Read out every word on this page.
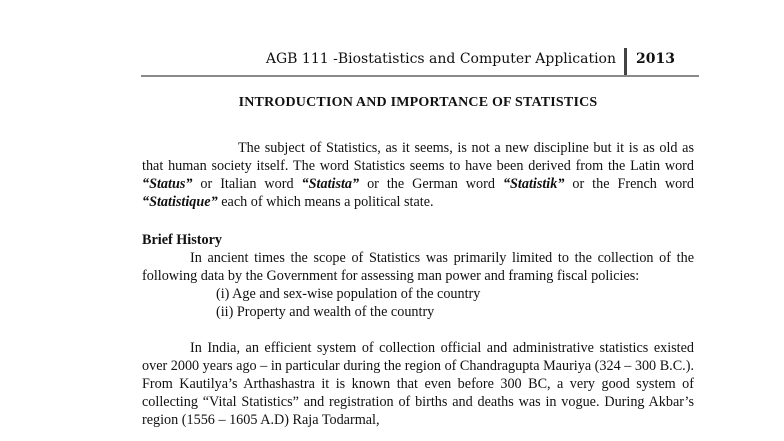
AGB 111 -Biostatistics and Computer Application 2013
INTRODUCTION AND IMPORTANCE OF STATISTICS

The subject of Statistics, as it seems, is not a new discipline but it is as old as that human society itself. The word Statistics seems to have been derived from the Latin word “Status” or Italian word “Statista” or the German word “Statistik” or the French word “Statistique” each of which means a political state.

Brief History

In ancient times the scope of Statistics was primarily limited to the collection of the following data by the Government for assessing man power and framing fiscal policies:

(i) Age and sex-wise population of the country
(ii) Property and wealth of the country

In India, an efficient system of collection official and administrative statistics existed over 2000 years ago – in particular during the region of Chandragupta Mauriya (324 – 300 B.C.). From Kautilya’s Arthashastra it is known that even before 300 BC, a very good system of collecting “Vital Statistics” and registration of births and deaths was in vogue. During Akbar’s region (1556 – 1605 A.D) Raja Todarmal,
